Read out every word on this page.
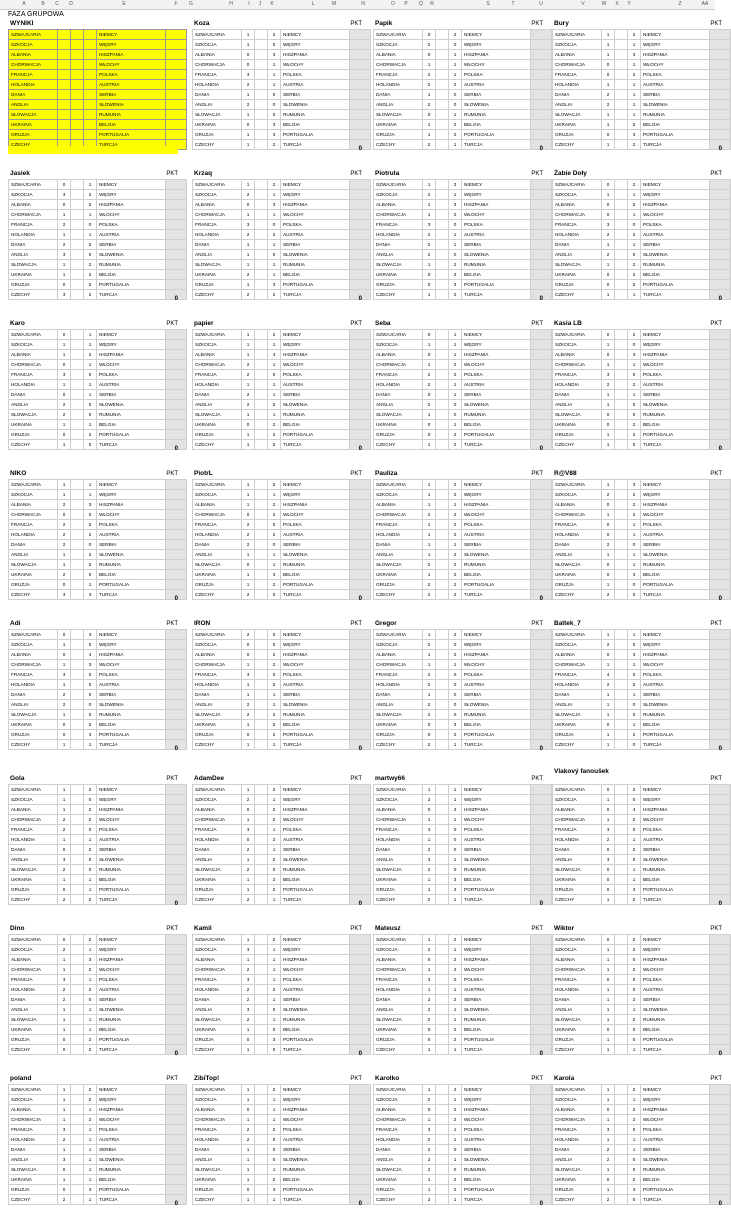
A	B C D	E	F G	H	I J K	L	M	N	O P Q R	S	T	U	V	W X Y	Z	AA
FAZA GRUPOWA
WYNIKI
SZWAJCARIA				NIEMCY	
SZKOCJA				WĘGRY	
ALBANIA				HISZPANIA	
CHORWACJA				WŁOCHY	
FRANCJA				POLSKA	
HOLANDIA				AUSTRIA	
DANIA				SERBIA	
ANGLIA				SŁOWENIA	
SŁOWACJA				RUMUNIA	
UKRAINA				BELGIA	
GRUZJA				PORTUGALIA	
CZECHY				TURCJA	
Koza	PKT
SZWAJCARIA	1		2	NIEMCY	
SZKOCJA	1		0	WĘGRY	
ALBANIA	0		3	HISZPANIA	
CHORWACJA	0		1	WŁOCHY	
FRANCJA	3		1	POLSKA	
HOLANDIA	2		1	AUSTRIA	
DANIA	1		0	SERBIA	
ANGLIA	2		0	SŁOWENIA	
SŁOWACJA	1		0	RUMUNIA	
UKRAINA	0		3	BELGIA	
GRUZJA	1		3	PORTUGALIA	
CZECHY	1		2	TURCJA	
0
Papik	PKT
SZWAJCARIA	0		2	NIEMCY	
SZKOCJA	2		0	WĘGRY	
ALBANIA	0		1	HISZPANIA	
CHORWACJA	1		1	WŁOCHY	
FRANCJA	2		1	POLSKA	
HOLANDIA	2		2	AUSTRIA	
DANIA	1		0	SERBIA	
ANGLIA	2		0	SŁOWENIA	
SŁOWACJA	0		1	RUMUNIA	
UKRAINA	1		2	BELGIA	
GRUZJA	1		2	PORTUGALIA	
CZECHY	2		1	TURCJA	
0
Bury	PKT
SZWAJCARIA	1		2	NIEMCY	
SZKOCJA	1		1	WĘGRY	
ALBANIA	1		3	HISZPANIA	
CHORWACJA	0		1	WŁOCHY	
FRANCJA	0		2	POLSKA	
HOLANDIA	1		1	AUSTRIA	
DANIA	2		1	SERBIA	
ANGLIA	2		1	SŁOWENIA	
SŁOWACJA	1		1	RUMUNIA	
UKRAINA	1		2	BELGIA	
GRUZJA	0		3	PORTUGALIA	
CZECHY	1		2	TURCJA	
0
Jasiek	PKT
SZWAJCARIA	0		1	NIEMCY	
SZKOCJA	3		2	WĘGRY	
ALBANIA	0		2	HISZPANIA	
CHORWACJA	1		1	WŁOCHY	
FRANCJA	2		0	POLSKA	
HOLANDIA	1		1	AUSTRIA	
DANIA	2		2	SERBIA	
ANGLIA	3		0	SŁOWENIA	
SŁOWACJA	1		2	RUMUNIA	
UKRAINA	1		2	BELGIA	
GRUZJA	0		2	PORTUGALIA	
CZECHY	3		2	TURCJA	
0
Krzaq	PKT
SZWAJCARIA	1		2	NIEMCY	
SZKOCJA	2		1	WĘGRY	
ALBANIA	0		3	HISZPANIA	
CHORWACJA	1		1	WŁOCHY	
FRANCJA	3		0	POLSKA	
HOLANDIA	2		2	AUSTRIA	
DANIA	1		1	SERBIA	
ANGLIA	1		0	SŁOWENIA	
SŁOWACJA	1		1	RUMUNIA	
UKRAINA	2		1	BELGIA	
GRUZJA	1		3	PORTUGALIA	
CZECHY	2		2	TURCJA	
0
Piotrula	PKT
SZWAJCARIA	1		3	NIEMCY	
SZKOCJA	2		1	WĘGRY	
ALBANIA	1		3	HISZPANIA	
CHORWACJA	1		2	WŁOCHY	
FRANCJA	3		0	POLSKA	
HOLANDIA	2		1	AUSTRIA	
DANIA	2		1	SERBIA	
ANGLIA	2		0	SŁOWENIA	
SŁOWACJA	1		2	RUMUNIA	
UKRAINA	0		3	BELGIA	
GRUZJA	0		3	PORTUGALIA	
CZECHY	1		2	TURCJA	
0
Żabie Doły	PKT
SZWAJCARIA	0		2	NIEMCY	
SZKOCJA	1		1	WĘGRY	
ALBANIA	0		2	HISZPANIA	
CHORWACJA	0		1	WŁOCHY	
FRANCJA	3		0	POLSKA	
HOLANDIA	2		2	AUSTRIA	
DANIA	1		1	SERBIA	
ANGLIA	2		0	SŁOWENIA	
SŁOWACJA	1		2	RUMUNIA	
UKRAINA	0		2	BELGIA	
GRUZJA	0		2	PORTUGALIA	
CZECHY	1		1	TURCJA	
0
Karo	PKT
SZWAJCARIA	0		1	NIEMCY	
SZKOCJA	1		1	WĘGRY	
ALBANIA	1		2	HISZPANIA	
CHORWACJA	0		1	WŁOCHY	
FRANCJA	3		0	POLSKA	
HOLANDIA	1		1	AUSTRIA	
DANIA	0		1	SERBIA	
ANGLIA	2		0	SŁOWENIA	
SŁOWACJA	2		0	RUMUNIA	
UKRAINA	1		1	BELGIA	
GRUZJA	0		2	PORTUGALIA	
CZECHY	1		0	TURCJA	
0
papier	PKT
SZWAJCARIA	1		2	NIEMCY	
SZKOCJA	1		1	WĘGRY	
ALBANIA	1		4	HISZPANIA	
CHORWACJA	2		1	WŁOCHY	
FRANCJA	2		0	POLSKA	
HOLANDIA	1		1	AUSTRIA	
DANIA	2		1	SERBIA	
ANGLIA	2		2	SŁOWENIA	
SŁOWACJA	1		1	RUMUNIA	
UKRAINA	0		2	BELGIA	
GRUZJA	1		2	PORTUGALIA	
CZECHY	1		2	TURCJA	
0
Seba	PKT
SZWAJCARIA	0		1	NIEMCY	
SZKOCJA	1		1	WĘGRY	
ALBANIA	0		1	HISZPANIA	
CHORWACJA	1		2	WŁOCHY	
FRANCJA	2		2	POLSKA	
HOLANDIA	2		1	AUSTRIA	
DANIA	0		1	SERBIA	
ANGLIA	2		0	SŁOWENIA	
SŁOWACJA	1		0	RUMUNIA	
UKRAINA	0		1	BELGIA	
GRUZJA	0		2	PORTUGALIA	
CZECHY	1		2	TURCJA	
0
Kasia LB	PKT
SZWAJCARIA	0		2	NIEMCY	
SZKOCJA	1		0	WĘGRY	
ALBANIA	0		3	HISZPANIA	
CHORWACJA	1		1	WŁOCHY	
FRANCJA	3		0	POLSKA	
HOLANDIA	2		2	AUSTRIA	
DANIA	1		1	SERBIA	
ANGLIA	1		0	SŁOWENIA	
SŁOWACJA	0		0	RUMUNIA	
UKRAINA	0		2	BELGIA	
GRUZJA	1		2	PORTUGALIA	
CZECHY	1		0	TURCJA	
0
NIKO	PKT
SZWAJCARIA	1		1	NIEMCY	
SZKOCJA	1		1	WĘGRY	
ALBANIA	2		3	HISZPANIA	
CHORWACJA	0		0	WŁOCHY	
FRANCJA	2		2	POLSKA	
HOLANDIA	2		2	AUSTRIA	
DANIA	2		0	SERBIA	
ANGLIA	1		2	SŁOWENIA	
SŁOWACJA	1		2	RUMUNIA	
UKRAINA	2		0	BELGIA	
GRUZJA	0		1	PORTUGALIA	
CZECHY	3		3	TURCJA	
0
PiotrL	PKT
SZWAJCARIA	1		2	NIEMCY	
SZKOCJA	1		1	WĘGRY	
ALBANIA	1		2	HISZPANIA	
CHORWACJA	0		2	WŁOCHY	
FRANCJA	2		0	POLSKA	
HOLANDIA	2		2	AUSTRIA	
DANIA	2		0	SERBIA	
ANGLIA	1		1	SŁOWENIA	
SŁOWACJA	0		1	RUMUNIA	
UKRAINA	1		3	BELGIA	
GRUZJA	1		2	PORTUGALIA	
CZECHY	2		0	TURCJA	
0
Pauliza	PKT
SZWAJCARIA	1		2	NIEMCY	
SZKOCJA	1		2	WĘGRY	
ALBANIA	1		1	HISZPANIA	
CHORWACJA	2		2	WŁOCHY	
FRANCJA	1		2	POLSKA	
HOLANDIA	1		2	AUSTRIA	
DANIA	1		1	SERBIA	
ANGLIA	1		2	SŁOWENIA	
SŁOWACJA	2		2	RUMUNIA	
UKRAINA	1		2	BELGIA	
GRUZJA	2		2	PORTUGALIA	
CZECHY	2		2	TURCJA	
0
R@V88	PKT
SZWAJCARIA	1		3	NIEMCY	
SZKOCJA	2		2	WĘGRY	
ALBANIA	0		2	HISZPANIA	
CHORWACJA	1		2	WŁOCHY	
FRANCJA	0		1	POLSKA	
HOLANDIA	0		1	AUSTRIA	
DANIA	2		0	SERBIA	
ANGLIA	1		1	SŁOWENIA	
SŁOWACJA	0		1	RUMUNIA	
UKRAINA	0		3	BELGIA	
GRUZJA	1		0	PORTUGALIA	
CZECHY	2		0	TURCJA	
0
Adi	PKT
SZWAJCARIA	0		3	NIEMCY	
SZKOCJA	1		0	WĘGRY	
ALBANIA	0		4	HISZPANIA	
CHORWACJA	1		3	WŁOCHY	
FRANCJA	3		0	POLSKA	
HOLANDIA	1		0	AUSTRIA	
DANIA	2		0	SERBIA	
ANGLIA	2		0	SŁOWENIA	
SŁOWACJA	1		0	RUMUNIA	
UKRAINA	0		2	BELGIA	
GRUZJA	0		3	PORTUGALIA	
CZECHY	1		1	TURCJA	
0
IRON	PKT
SZWAJCARIA	2		0	NIEMCY	
SZKOCJA	0		0	WĘGRY	
ALBANIA	0		2	HISZPANIA	
CHORWACJA	1		2	WŁOCHY	
FRANCJA	3		0	POLSKA	
HOLANDIA	1		2	AUSTRIA	
DANIA	1		1	SERBIA	
ANGLIA	2		1	SŁOWENIA	
SŁOWACJA	2		2	RUMUNIA	
UKRAINA	1		2	BELGIA	
GRUZJA	0		2	PORTUGALIA	
CZECHY	1		1	TURCJA	
0
Gregor	PKT
SZWAJCARIA	1		2	NIEMCY	
SZKOCJA	2		0	WĘGRY	
ALBANIA	1		2	HISZPANIA	
CHORWACJA	1		1	WŁOCHY	
FRANCJA	2		0	POLSKA	
HOLANDIA	2		0	AUSTRIA	
DANIA	1		0	SERBIA	
ANGLIA	2		0	SŁOWENIA	
SŁOWACJA	2		0	RUMUNIA	
UKRAINA	0		3	BELGIA	
GRUZJA	0		2	PORTUGALIA	
CZECHY	2		1	TURCJA	
0
Baltek_7	PKT
SZWAJCARIA	1		1	NIEMCY	
SZKOCJA	2		0	WĘGRY	
ALBANIA	0		3	HISZPANIA	
CHORWACJA	1		1	WŁOCHY	
FRANCJA	4		0	POLSKA	
HOLANDIA	2		2	AUSTRIA	
DANIA	1		1	SERBIA	
ANGLIA	1		0	SŁOWENIA	
SŁOWACJA	1		0	RUMUNIA	
UKRAINA	0		1	BELGIA	
GRUZJA	1		2	PORTUGALIA	
CZECHY	1		0	TURCJA	
0
Gola	PKT
SZWAJCARIA	1		2	NIEMCY	
SZKOCJA	1		0	WĘGRY	
ALBANIA	1		2	HISZPANIA	
CHORWACJA	2		2	WŁOCHY	
FRANCJA	2		0	POLSKA	
HOLANDIA	1		1	AUSTRIA	
DANIA	0		2	SERBIA	
ANGLIA	3		0	SŁOWENIA	
SŁOWACJA	2		0	RUMUNIA	
UKRAINA	1		1	BELGIA	
GRUZJA	0		1	PORTUGALIA	
CZECHY	2		2	TURCJA	
0
AdamDee	PKT
SZWAJCARIA	1		2	NIEMCY	
SZKOCJA	2		1	WĘGRY	
ALBANIA	0		2	HISZPANIA	
CHORWACJA	1		2	WŁOCHY	
FRANCJA	3		1	POLSKA	
HOLANDIA	0		2	AUSTRIA	
DANIA	2		1	SERBIA	
ANGLIA	1		2	SŁOWENIA	
SŁOWACJA	2		0	RUMUNIA	
UKRAINA	1		2	BELGIA	
GRUZJA	1		2	PORTUGALIA	
CZECHY	2		1	TURCJA	
0
martwy66	PKT
SZWAJCARIA	1		1	NIEMCY	
SZKOCJA	2		1	WĘGRY	
ALBANIA	0		3	HISZPANIA	
CHORWACJA	1		1	WŁOCHY	
FRANCJA	3		0	POLSKA	
HOLANDIA	1		0	AUSTRIA	
DANIA	2		0	SERBIA	
ANGLIA	3		1	SŁOWENIA	
SŁOWACJA	2		0	RUMUNIA	
UKRAINA	1		3	BELGIA	
GRUZJA	1		3	PORTUGALIA	
CZECHY	2		1	TURCJA	
0
Vlakový fanoušek
PKT
SZWAJCARIA	0		2	NIEMCY	
SZKOCJA	1		0	WĘGRY	
ALBANIA	0		4	HISZPANIA	
CHORWACJA	1		2	WŁOCHY	
FRANCJA	3		0	POLSKA	
HOLANDIA	2		1	AUSTRIA	
DANIA	0		2	SERBIA	
ANGLIA	3		0	SŁOWENIA	
SŁOWACJA	0		1	RUMUNIA	
UKRAINA	0		1	BELGIA	
GRUZJA	0		3	PORTUGALIA	
CZECHY	1		2	TURCJA	
0
Dino	PKT
SZWAJCARIA	0		2	NIEMCY	
SZKOCJA	2		1	WĘGRY	
ALBANIA	1		3	HISZPANIA	
CHORWACJA	1		2	WŁOCHY	
FRANCJA	3		1	POLSKA	
HOLANDIA	2		2	AUSTRIA	
DANIA	2		0	SERBIA	
ANGLIA	1		1	SŁOWENIA	
SŁOWACJA	1		1	RUMUNIA	
UKRAINA	1		1	BELGIA	
GRUZJA	0		2	PORTUGALIA	
CZECHY	0		2	TURCJA	
0
Kamil	PKT
SZWAJCARIA	1		2	NIEMCY	
SZKOCJA	3		1	WĘGRY	
ALBANIA	1		1	HISZPANIA	
CHORWACJA	2		1	WŁOCHY	
FRANCJA	3		1	POLSKA	
HOLANDIA	2		2	AUSTRIA	
DANIA	2		1	SERBIA	
ANGLIA	3		0	SŁOWENIA	
SŁOWACJA	2		1	RUMUNIA	
UKRAINA	1		0	BELGIA	
GRUZJA	0		3	PORTUGALIA	
CZECHY	1		0	TURCJA	
0
Mateusz	PKT
SZWAJCARIA	1		2	NIEMCY	
SZKOCJA	2		1	WĘGRY	
ALBANIA	0		2	HISZPANIA	
CHORWACJA	1		2	WŁOCHY	
FRANCJA	3		0	POLSKA	
HOLANDIA	1		1	AUSTRIA	
DANIA	2		2	SERBIA	
ANGLIA	2		1	SŁOWENIA	
SŁOWACJA	2		1	RUMUNIA	
UKRAINA	0		2	BELGIA	
GRUZJA	0		2	PORTUGALIA	
CZECHY	1		1	TURCJA	
0
Wiktor	PKT
SZWAJCARIA	0		2	NIEMCY	
SZKOCJA	1		2	WĘGRY	
ALBANIA	1		0	HISZPANIA	
CHORWACJA	1		2	WŁOCHY	
FRANCJA	0		0	POLSKA	
HOLANDIA	1		0	AUSTRIA	
DANIA	1		2	SERBIA	
ANGLIA	1		1	SŁOWENIA	
SŁOWACJA	1		2	RUMUNIA	
UKRAINA	0		0	BELGIA	
GRUZJA	1		0	PORTUGALIA	
CZECHY	1		1	TURCJA	
0
poland	PKT
SZWAJCARIA	1		2	NIEMCY	
SZKOCJA	1		2	WĘGRY	
ALBANIA	1		1	HISZPANIA	
CHORWACJA	1		2	WŁOCHY	
FRANCJA	3		1	POLSKA	
HOLANDIA	2		1	AUSTRIA	
DANIA	1		1	SERBIA	
ANGLIA	3		1	SŁOWENIA	
SŁOWACJA	0		1	RUMUNIA	
UKRAINA	1		1	BELGIA	
GRUZJA	0		3	PORTUGALIA	
CZECHY	2		1	TURCJA	
0
ZibiTop!	PKT
SZWAJCARIA	1		2	NIEMCY	
SZKOCJA	1		1	WĘGRY	
ALBANIA	0		1	HISZPANIA	
CHORWACJA	1		1	WŁOCHY	
FRANCJA	2		2	POLSKA	
HOLANDIA	2		0	AUSTRIA	
DANIA	1		0	SERBIA	
ANGLIA	1		0	SŁOWENIA	
SŁOWACJA	1		1	RUMUNIA	
UKRAINA	1		2	BELGIA	
GRUZJA	0		3	PORTUGALIA	
CZECHY	1		1	TURCJA	
0
Karolko	PKT
SZWAJCARIA	1		2	NIEMCY	
SZKOCJA	2		1	WĘGRY	
ALBANIA	0		2	HISZPANIA	
CHORWACJA	1		2	WŁOCHY	
FRANCJA	3		1	POLSKA	
HOLANDIA	2		1	AUSTRIA	
DANIA	2		0	SERBIA	
ANGLIA	2		1	SŁOWENIA	
SŁOWACJA	2		0	RUMUNIA	
UKRAINA	1		2	BELGIA	
GRUZJA	1		2	PORTUGALIA	
CZECHY	2		1	TURCJA	
0
Karola	PKT
SZWAJCARIA	1		2	NIEMCY	
SZKOCJA	1		1	WĘGRY	
ALBANIA	0		2	HISZPANIA	
CHORWACJA	1		2	WŁOCHY	
FRANCJA	3		0	POLSKA	
HOLANDIA	1		1	AUSTRIA	
DANIA	2		1	SERBIA	
ANGLIA	2		0	SŁOWENIA	
SŁOWACJA	1		0	RUMUNIA	
UKRAINA	0		2	BELGIA	
GRUZJA	1		3	PORTUGALIA	
CZECHY	2		0	TURCJA	
0
